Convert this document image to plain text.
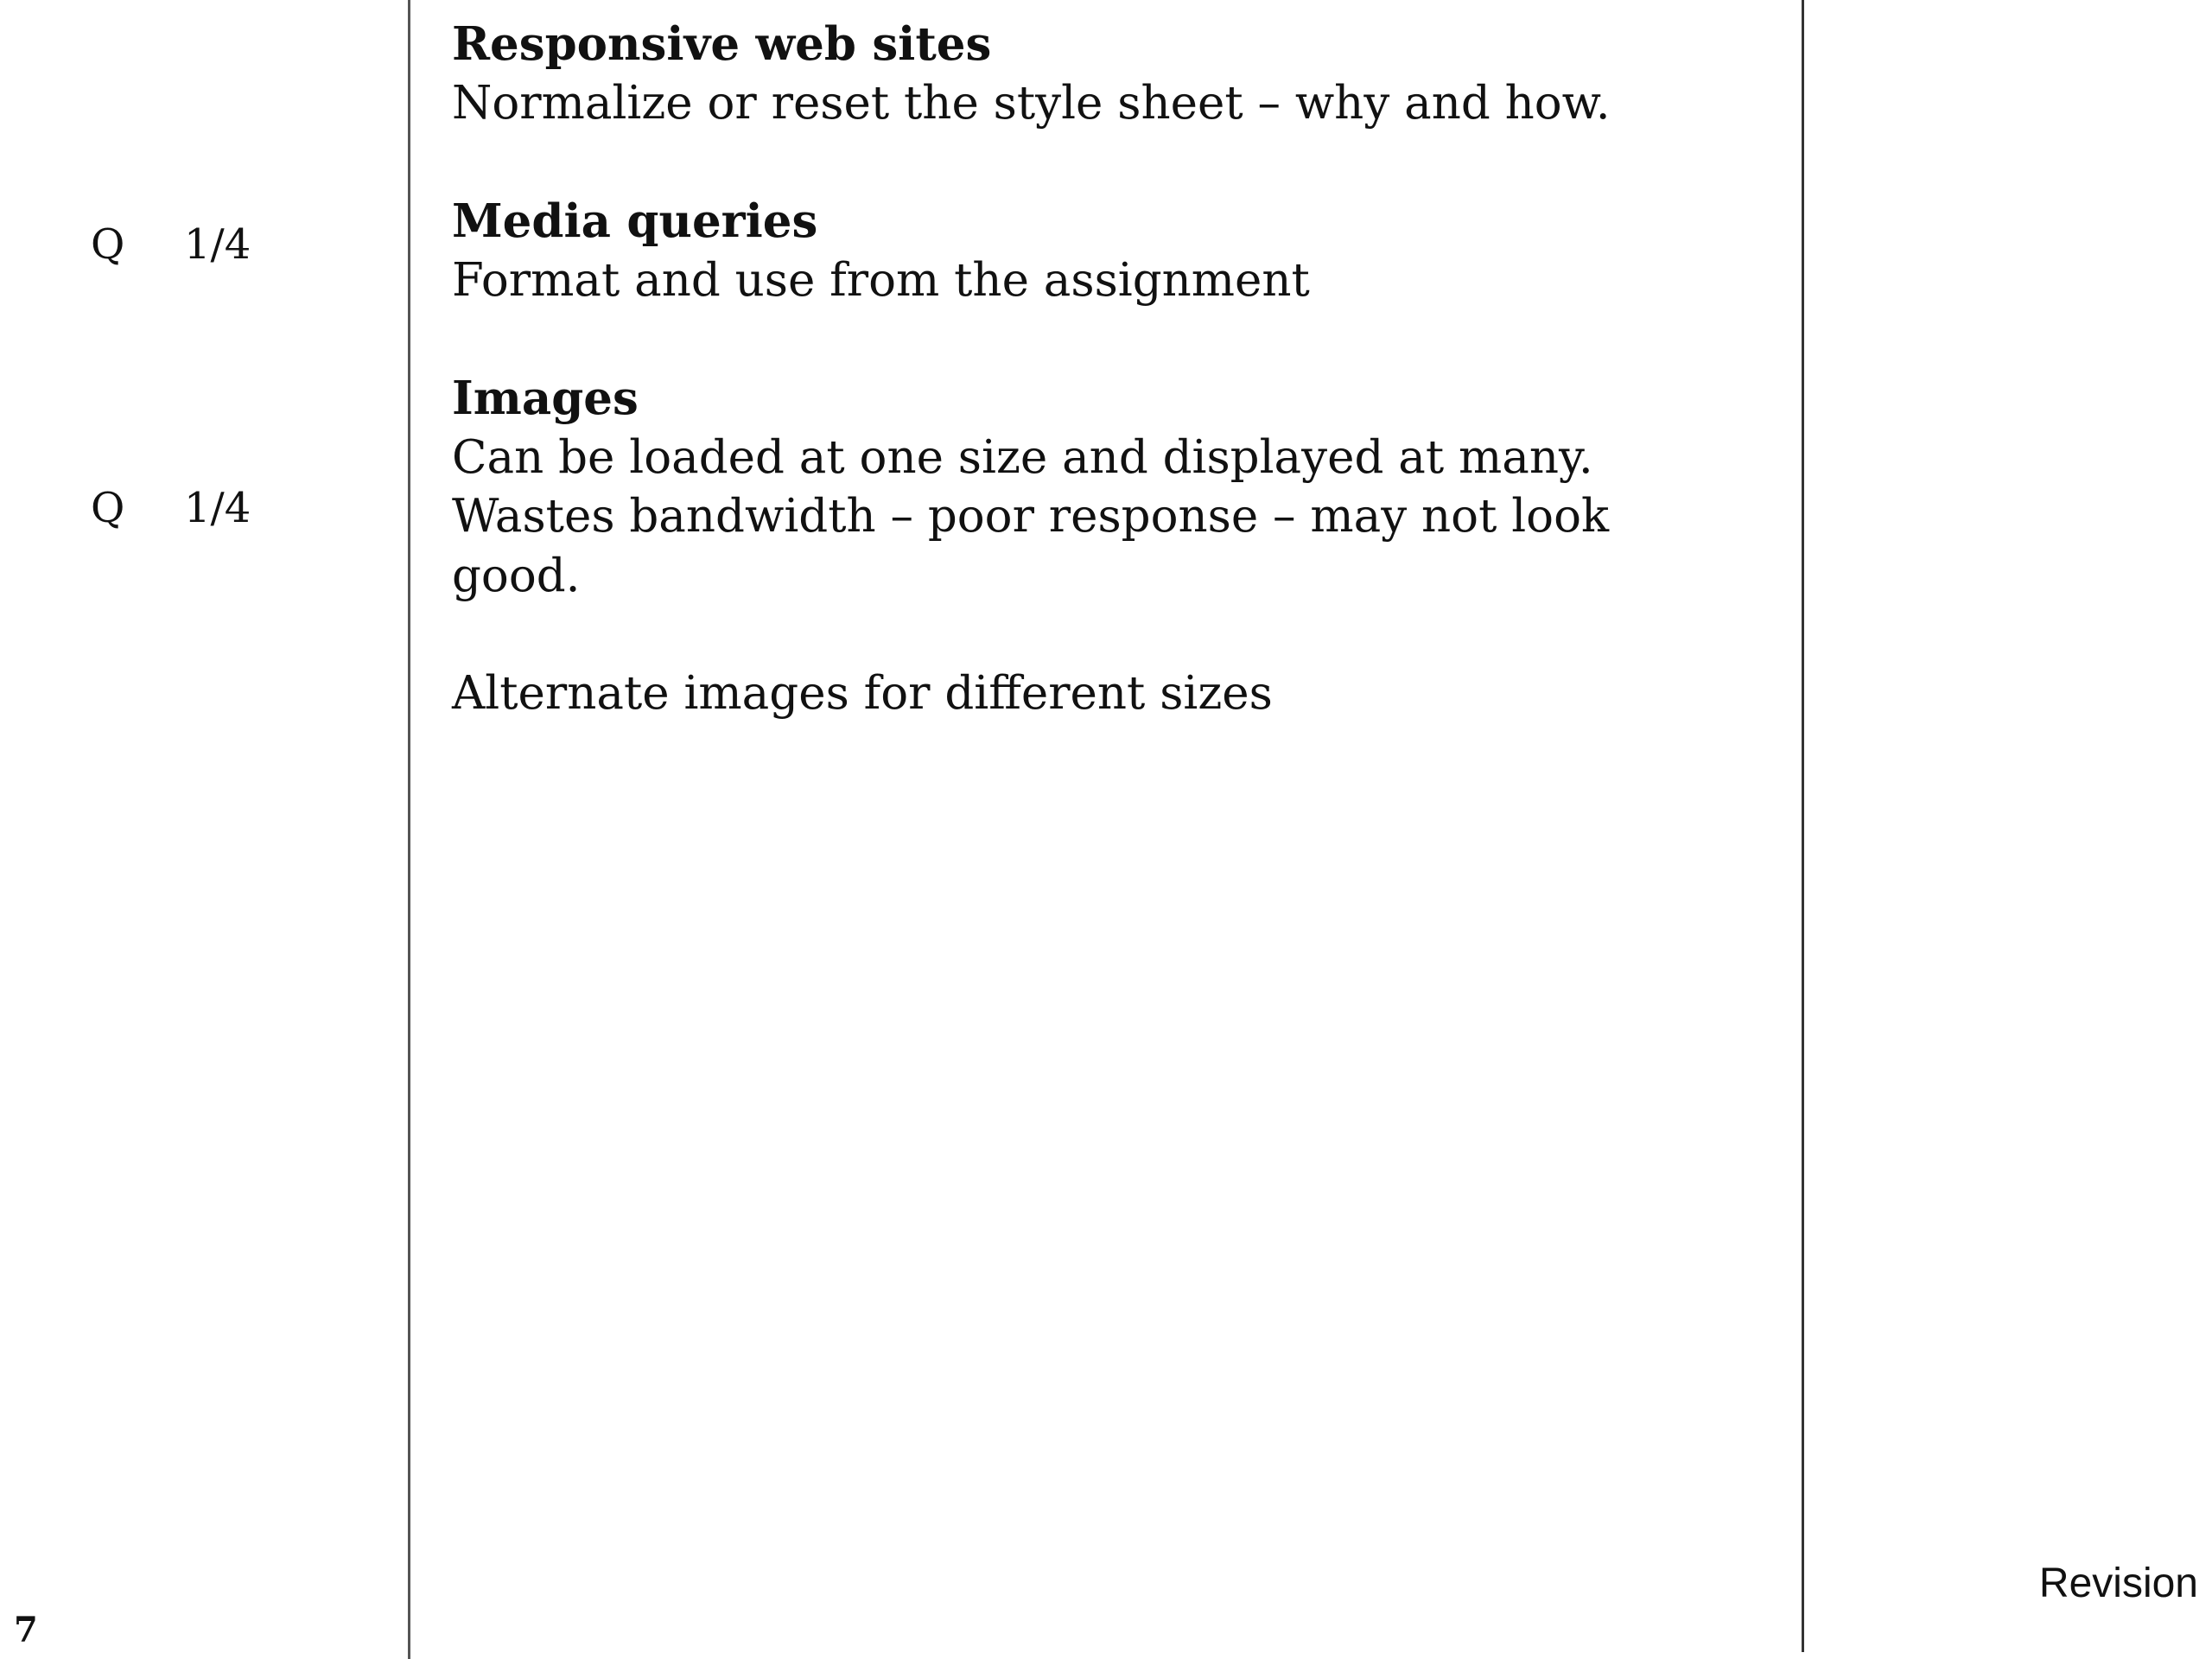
Q 1/4
Q 1/4
Responsive web sites

Normalize or reset the style sheet – why and how.

Media queries

Format and use from the assignment

Images

Can be loaded at one size and displayed at many.

Wastes bandwidth – poor response – may not look

good.

Alternate images for different sizes

7
Revision
